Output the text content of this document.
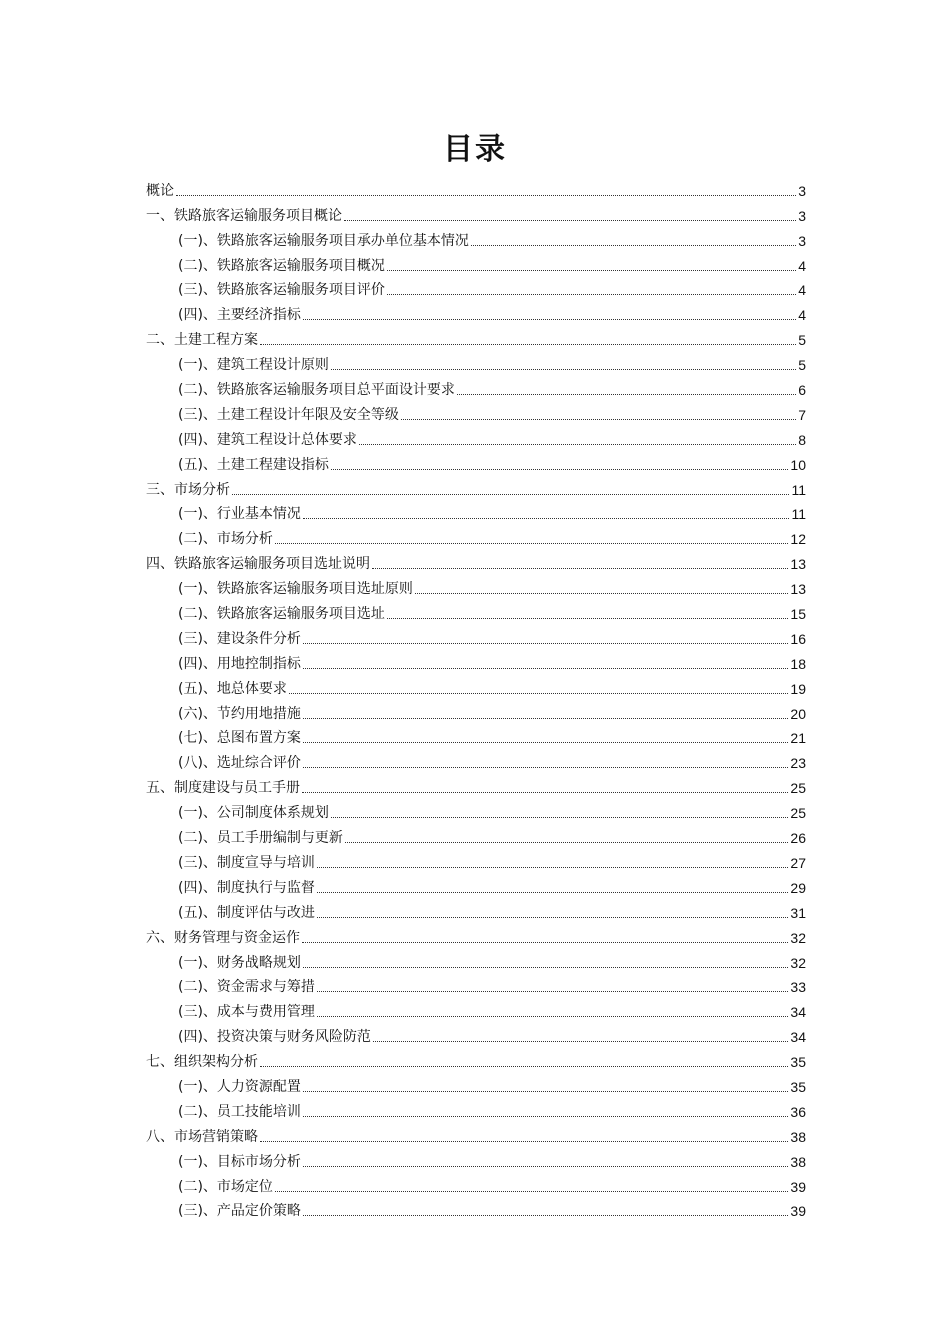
目录
概论	3
一、铁路旅客运输服务项目概论	3
(一)、铁路旅客运输服务项目承办单位基本情况	3
(二)、铁路旅客运输服务项目概况	4
(三)、铁路旅客运输服务项目评价	4
(四)、主要经济指标	4
二、土建工程方案	5
(一)、建筑工程设计原则	5
(二)、铁路旅客运输服务项目总平面设计要求	6
(三)、土建工程设计年限及安全等级	7
(四)、建筑工程设计总体要求	8
(五)、土建工程建设指标	10
三、市场分析	11
(一)、行业基本情况	11
(二)、市场分析	12
四、铁路旅客运输服务项目选址说明	13
(一)、铁路旅客运输服务项目选址原则	13
(二)、铁路旅客运输服务项目选址	15
(三)、建设条件分析	16
(四)、用地控制指标	18
(五)、地总体要求	19
(六)、节约用地措施	20
(七)、总图布置方案	21
(八)、选址综合评价	23
五、制度建设与员工手册	25
(一)、公司制度体系规划	25
(二)、员工手册编制与更新	26
(三)、制度宣导与培训	27
(四)、制度执行与监督	29
(五)、制度评估与改进	31
六、财务管理与资金运作	32
(一)、财务战略规划	32
(二)、资金需求与筹措	33
(三)、成本与费用管理	34
(四)、投资决策与财务风险防范	34
七、组织架构分析	35
(一)、人力资源配置	35
(二)、员工技能培训	36
八、市场营销策略	38
(一)、目标市场分析	38
(二)、市场定位	39
(三)、产品定价策略	39
